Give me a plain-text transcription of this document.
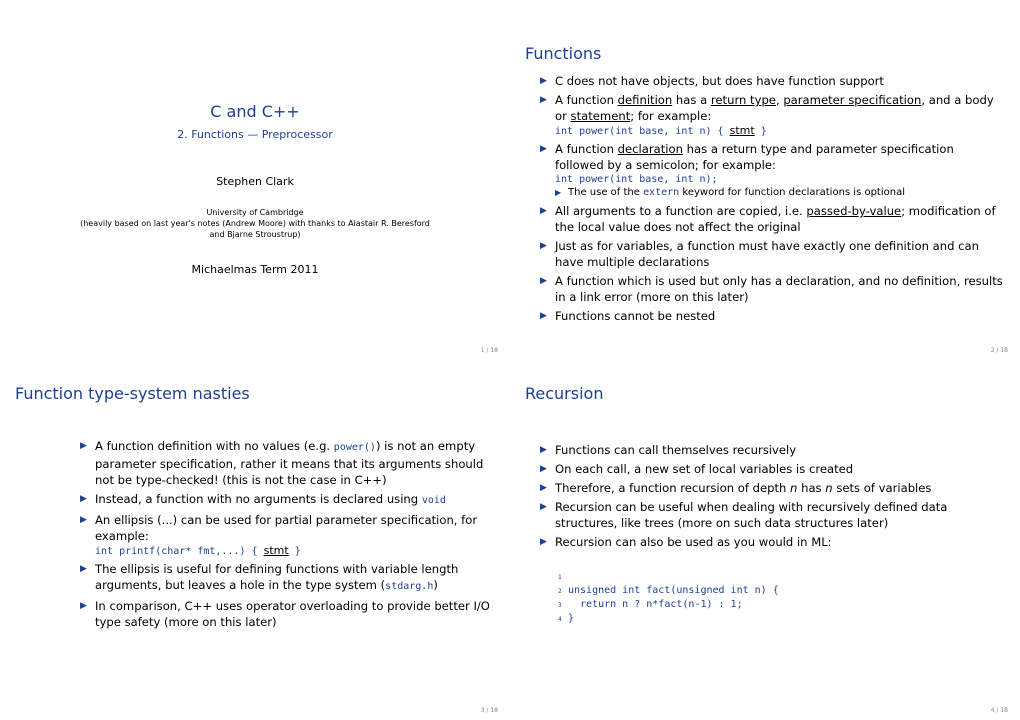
C and C++
2. Functions — Preprocessor
Stephen Clark
University of Cambridge
(heavily based on last year's notes (Andrew Moore) with thanks to Alastair R. Beresford
and Bjarne Stroustrup)
Michaelmas Term 2011
1 / 18
Functions
▶ C does not have objects, but does have function support
▶ A function definition has a return type, parameter specification, and a body or statement; for example:
int power(int base, int n) { stmt }
▶ A function declaration has a return type and parameter specification followed by a semicolon; for example:
int power(int base, int n);
▶ The use of the extern keyword for function declarations is optional
▶ All arguments to a function are copied, i.e. passed-by-value; modification of the local value does not affect the original
▶ Just as for variables, a function must have exactly one definition and can have multiple declarations
▶ A function which is used but only has a declaration, and no definition, results in a link error (more on this later)
▶ Functions cannot be nested
2 / 18
Function type-system nasties
▶ A function definition with no values (e.g. power()) is not an empty parameter specification, rather it means that its arguments should not be type-checked! (this is not the case in C++)
▶ Instead, a function with no arguments is declared using void
▶ An ellipsis (...) can be used for partial parameter specification, for example:
int printf(char* fmt,...) { stmt }
▶ The ellipsis is useful for defining functions with variable length arguments, but leaves a hole in the type system (stdarg.h)
▶ In comparison, C++ uses operator overloading to provide better I/O type safety (more on this later)
3 / 18
Recursion
▶ Functions can call themselves recursively
▶ On each call, a new set of local variables is created
▶ Therefore, a function recursion of depth n has n sets of variables
▶ Recursion can be useful when dealing with recursively defined data structures, like trees (more on such data structures later)
▶ Recursion can also be used as you would in ML:
1
2 unsigned int fact(unsigned int n) {
3  return n ? n*fact(n-1) : 1;
4 }
4 / 18
